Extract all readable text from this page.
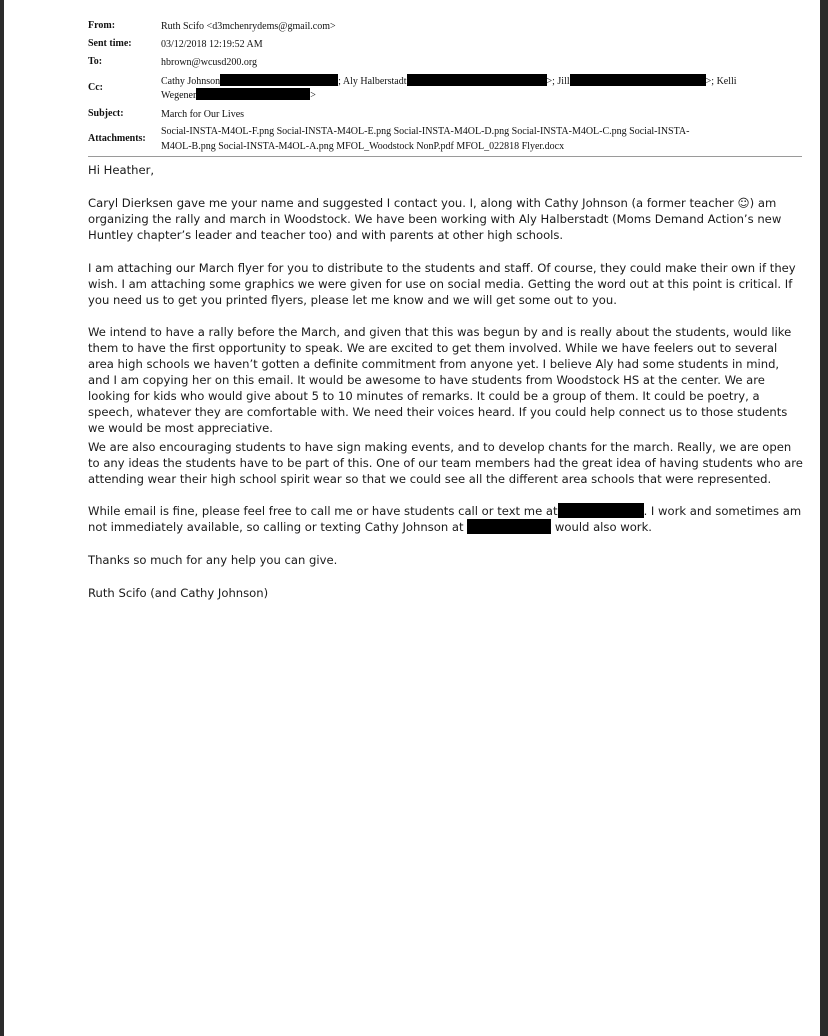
From:	Ruth Scifo <d3mchenrydems@gmail.com>
Sent time:	03/12/2018 12:19:52 AM
To:	hbrown@wcusd200.org
Cc:
Cathy Johnson	; Aly Halberstadt	>; Jill	>; Kelli
Wegener	>
Subject:	March for Our Lives
Attachments:
Social-INSTA-M4OL-F.png Social-INSTA-M4OL-E.png Social-INSTA-M4OL-D.png Social-INSTA-M4OL-C.png Social-INSTA-
M4OL-B.png Social-INSTA-M4OL-A.png MFOL_Woodstock NonP.pdf MFOL_022818 Flyer.docx

Hi Heather,

Caryl Dierksen gave me your name and suggested I contact you. I, along with Cathy Johnson (a former teacher ☺) am organizing the rally and march in Woodstock. We have been working with Aly Halberstadt (Moms Demand Action’s new Huntley chapter’s leader and teacher too) and with parents at other high schools.

I am attaching our March flyer for you to distribute to the students and staff. Of course, they could make their own if they wish. I am attaching some graphics we were given for use on social media. Getting the word out at this point is critical. If you need us to get you printed flyers, please let me know and we will get some out to you.

We intend to have a rally before the March, and given that this was begun by and is really about the students, would like them to have the first opportunity to speak. We are excited to get them involved. While we have feelers out to several area high schools we haven’t gotten a definite commitment from anyone yet. I believe Aly had some students in mind, and I am copying her on this email. It would be awesome to have students from Woodstock HS at the center. We are looking for kids who would give about 5 to 10 minutes of remarks. It could be a group of them. It could be poetry, a speech, whatever they are comfortable with. We need their voices heard. If you could help connect us to those students we would be most appreciative.

We are also encouraging students to have sign making events, and to develop chants for the march. Really, we are open to any ideas the students have to be part of this. One of our team members had the great idea of having students who are attending wear their high school spirit wear so that we could see all the different area schools that were represented.

While email is fine, please feel free to call me or have students call or text me at	. I work and sometimes am not immediately available, so calling or texting Cathy Johnson at	would also work.

Thanks so much for any help you can give.

Ruth Scifo (and Cathy Johnson)
